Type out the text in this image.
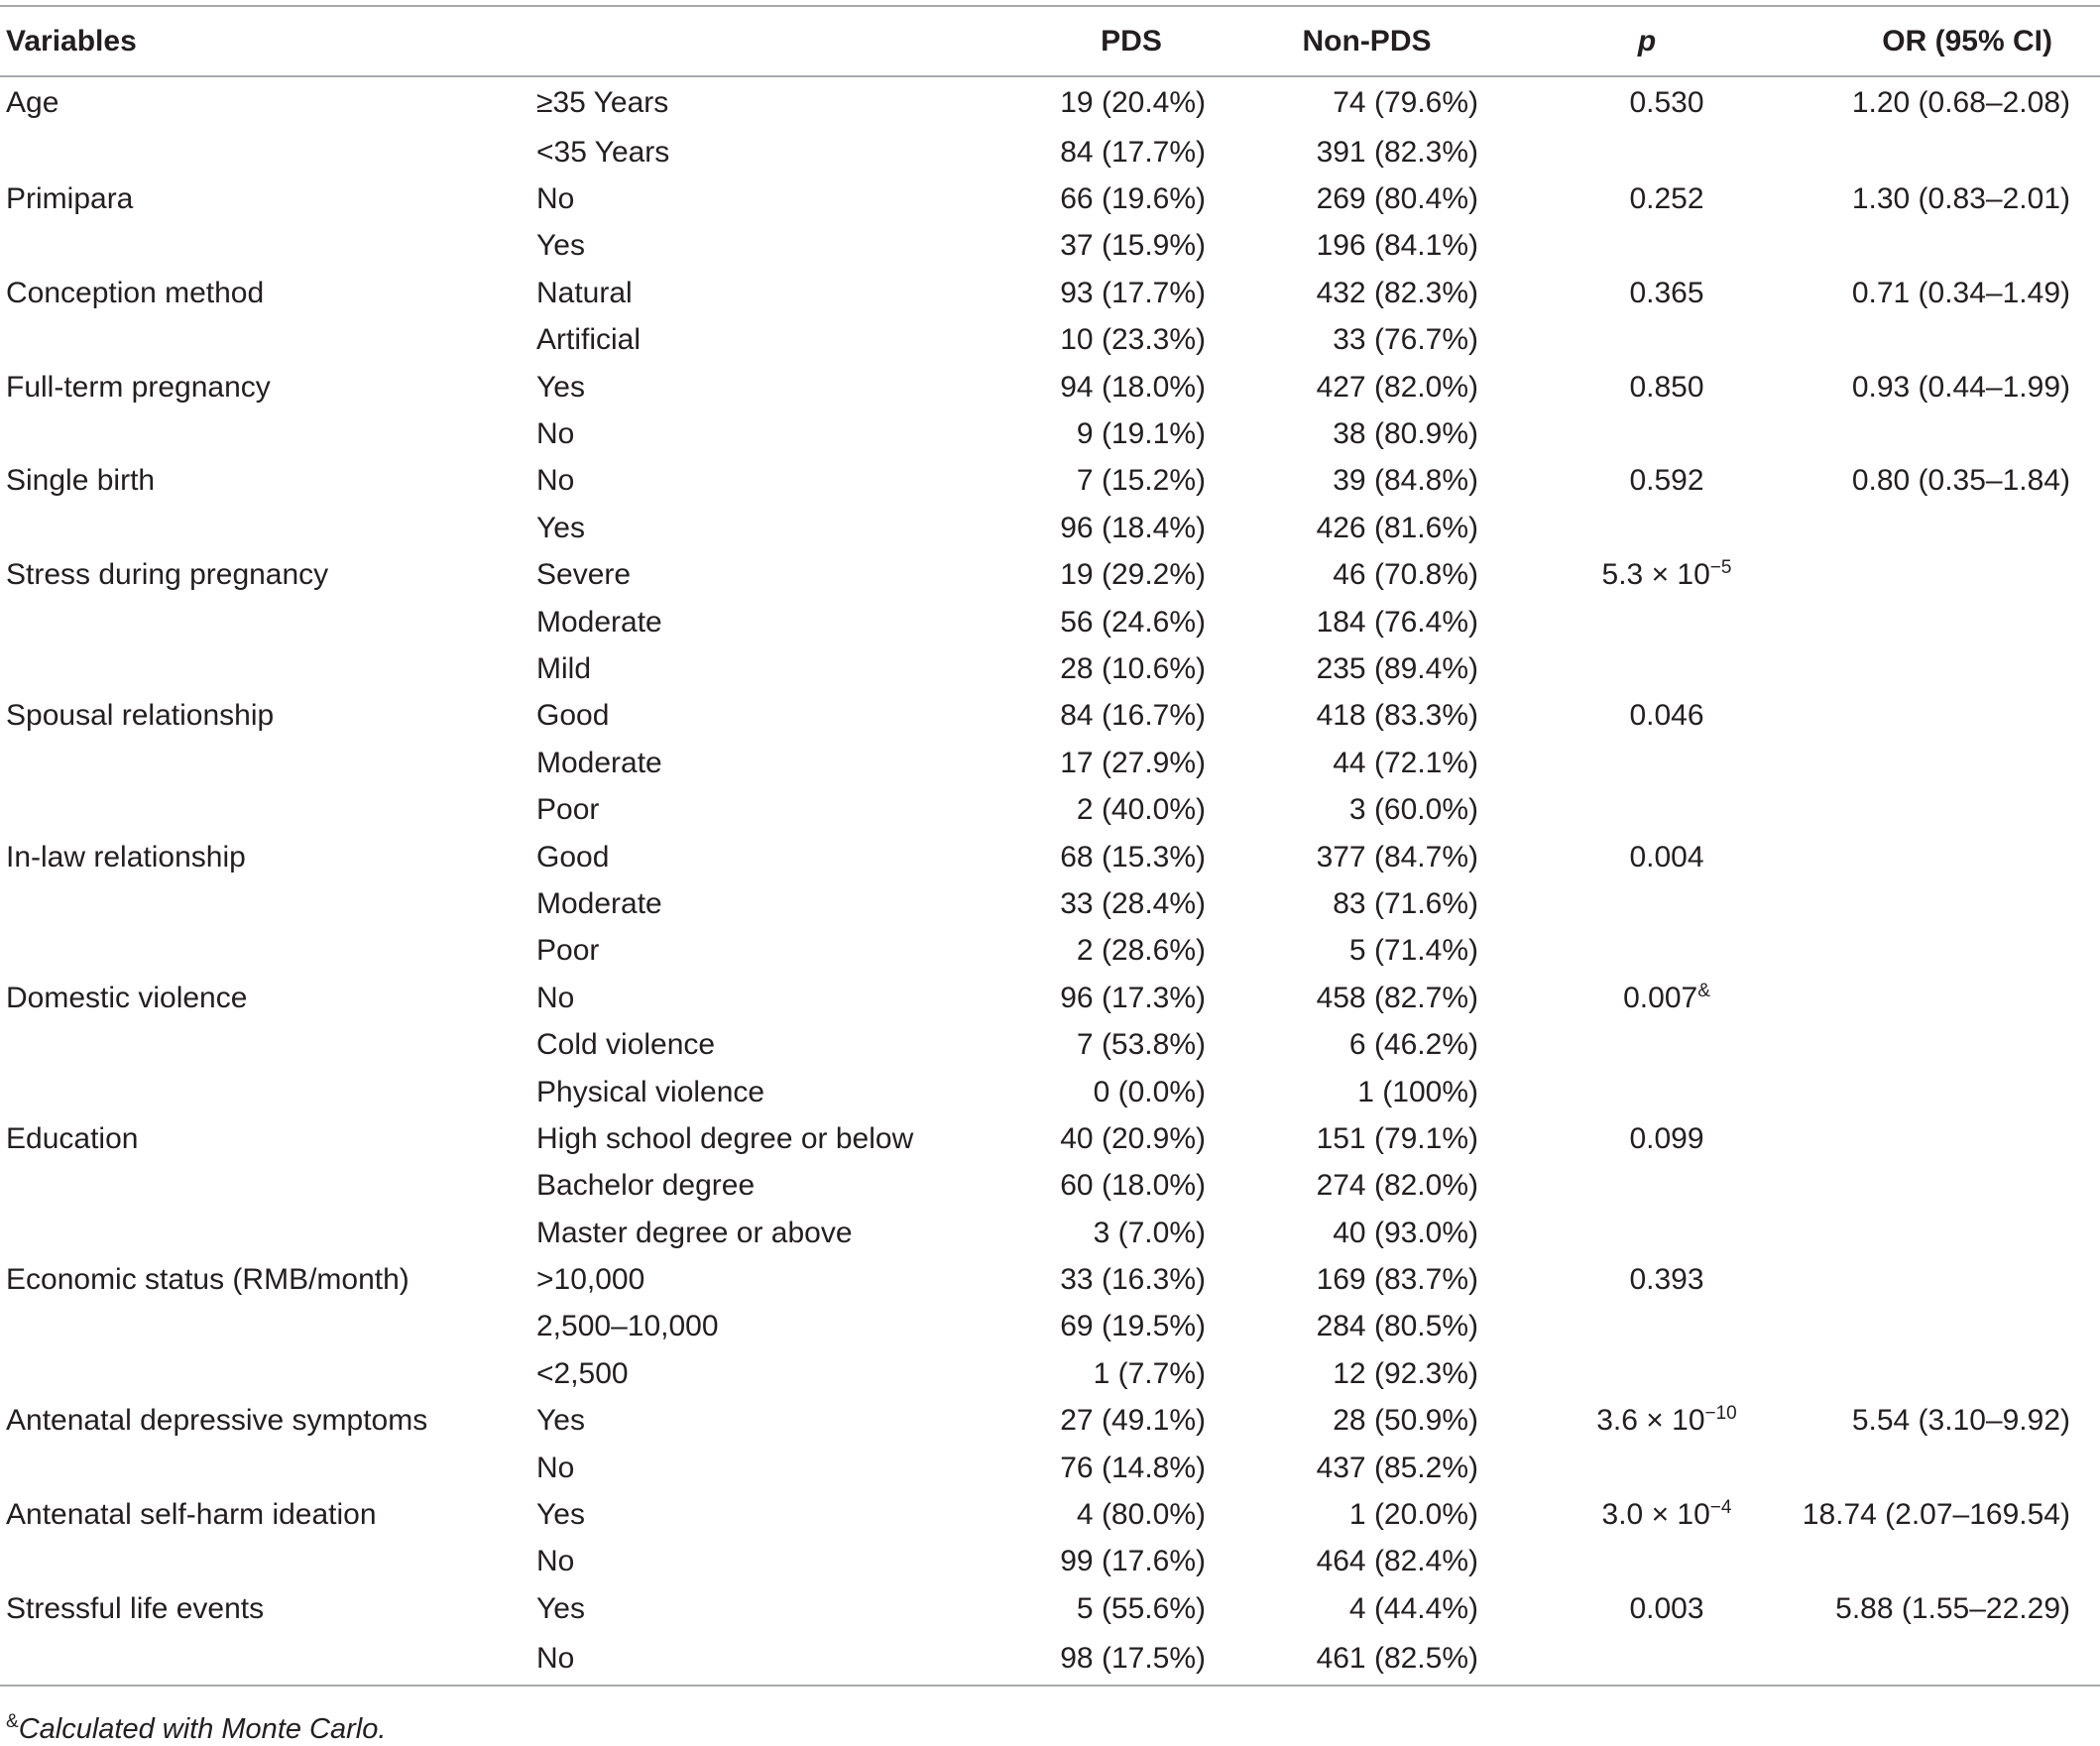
Variables		PDS	Non-PDS	p	OR (95% CI)
Age	≥35 Years	19 (20.4%)	74 (79.6%)	0.530	1.20 (0.68–2.08)
	<35 Years	84 (17.7%)	391 (82.3%)		
Primipara	No	66 (19.6%)	269 (80.4%)	0.252	1.30 (0.83–2.01)
	Yes	37 (15.9%)	196 (84.1%)		
Conception method	Natural	93 (17.7%)	432 (82.3%)	0.365	0.71 (0.34–1.49)
	Artificial	10 (23.3%)	33 (76.7%)		
Full-term pregnancy	Yes	94 (18.0%)	427 (82.0%)	0.850	0.93 (0.44–1.99)
	No	9 (19.1%)	38 (80.9%)		
Single birth	No	7 (15.2%)	39 (84.8%)	0.592	0.80 (0.35–1.84)
	Yes	96 (18.4%)	426 (81.6%)		
Stress during pregnancy	Severe	19 (29.2%)	46 (70.8%)	$5.3 \times 10^{-5}$	
	Moderate	56 (24.6%)	184 (76.4%)		
	Mild	28 (10.6%)	235 (89.4%)		
Spousal relationship	Good	84 (16.7%)	418 (83.3%)	0.046	
	Moderate	17 (27.9%)	44 (72.1%)		
	Poor	2 (40.0%)	3 (60.0%)		
In-law relationship	Good	68 (15.3%)	377 (84.7%)	0.004	
	Moderate	33 (28.4%)	83 (71.6%)		
	Poor	2 (28.6%)	5 (71.4%)		
Domestic violence	No	96 (17.3%)	458 (82.7%)	0.007&	
	Cold violence	7 (53.8%)	6 (46.2%)		
	Physical violence	0 (0.0%)	1 (100%)		
Education	High school degree or below	40 (20.9%)	151 (79.1%)	0.099	
	Bachelor degree	60 (18.0%)	274 (82.0%)		
	Master degree or above	3 (7.0%)	40 (93.0%)		
Economic status (RMB/month)	>10,000	33 (16.3%)	169 (83.7%)	0.393	
	2,500–10,000	69 (19.5%)	284 (80.5%)		
	<2,500	1 (7.7%)	12 (92.3%)		
Antenatal depressive symptoms	Yes	27 (49.1%)	28 (50.9%)	$3.6 \times 10^{-10}$	5.54 (3.10–9.92)
	No	76 (14.8%)	437 (85.2%)		
Antenatal self-harm ideation	Yes	4 (80.0%)	1 (20.0%)	$3.0 \times 10^{-4}$	18.74 (2.07–169.54)
	No	99 (17.6%)	464 (82.4%)		
Stressful life events	Yes	5 (55.6%)	4 (44.4%)	0.003	5.88 (1.55–22.29)
	No	98 (17.5%)	461 (82.5%)		
&Calculated with Monte Carlo.
